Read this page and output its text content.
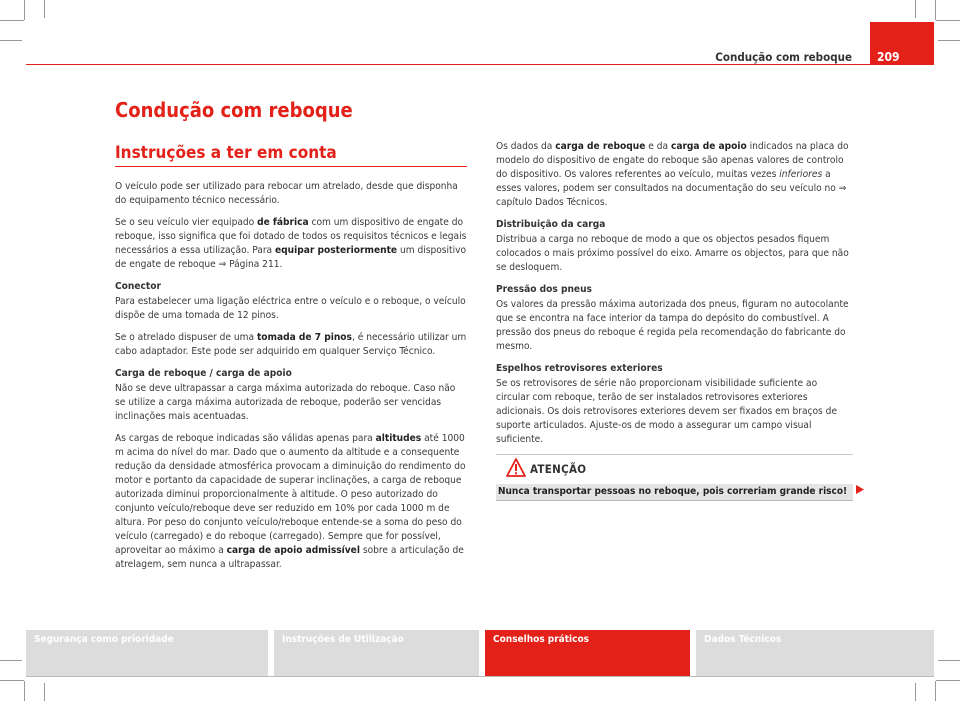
Condução com reboque 209
Condução com reboque
Instruções a ter em conta

O veículo pode ser utilizado para rebocar um atrelado, desde que disponha do equipamento técnico necessário.

Se o seu veículo vier equipado de fábrica com um dispositivo de engate do reboque, isso significa que foi dotado de todos os requisitos técnicos e legais necessários a essa utilização. Para equipar posteriormente um dispositivo de engate de reboque ⇒ Página 211.

Conector

Para estabelecer uma ligação eléctrica entre o veículo e o reboque, o veículo dispõe de uma tomada de 12 pinos.

Se o atrelado dispuser de uma tomada de 7 pinos, é necessário utilizar um cabo adaptador. Este pode ser adquirido em qualquer Serviço Técnico.

Carga de reboque / carga de apoio

Não se deve ultrapassar a carga máxima autorizada do reboque. Caso não se utilize a carga máxima autorizada de reboque, poderão ser vencidas inclinações mais acentuadas.

As cargas de reboque indicadas são válidas apenas para altitudes até 1000 m acima do nível do mar. Dado que o aumento da altitude e a consequente redução da densidade atmosférica provocam a diminuição do rendimento do motor e portanto da capacidade de superar inclinações, a carga de reboque autorizada diminui proporcionalmente à altitude. O peso autorizado do conjunto veículo/reboque deve ser reduzido em 10% por cada 1000 m de altura. Por peso do conjunto veículo/reboque entende-se a soma do peso do veículo (carregado) e do reboque (carregado). Sempre que for possível, aproveitar ao máximo a carga de apoio admissível sobre a articulação de atrelagem, sem nunca a ultrapassar.

Os dados da carga de reboque e da carga de apoio indicados na placa do modelo do dispositivo de engate do reboque são apenas valores de controlo do dispositivo. Os valores referentes ao veículo, muitas vezes inferiores a esses valores, podem ser consultados na documentação do seu veículo no ⇒ capítulo Dados Técnicos.

Distribuição da carga

Distribua a carga no reboque de modo a que os objectos pesados fiquem colocados o mais próximo possível do eixo. Amarre os objectos, para que não se desloquem.

Pressão dos pneus

Os valores da pressão máxima autorizada dos pneus, figuram no autocolante que se encontra na face interior da tampa do depósito do combustível. A pressão dos pneus do reboque é regida pela recomendação do fabricante do mesmo.

Espelhos retrovisores exteriores

Se os retrovisores de série não proporcionam visibilidade suficiente ao circular com reboque, terão de ser instalados retrovisores exteriores adicionais. Os dois retrovisores exteriores devem ser fixados em braços de suporte articulados. Ajuste-os de modo a assegurar um campo visual suficiente.

ATENÇÃO
Nunca transportar pessoas no reboque, pois correriam grande risco!
Segurança como prioridade	Instruções de Utilização	Conselhos práticos	Dados Técnicos
